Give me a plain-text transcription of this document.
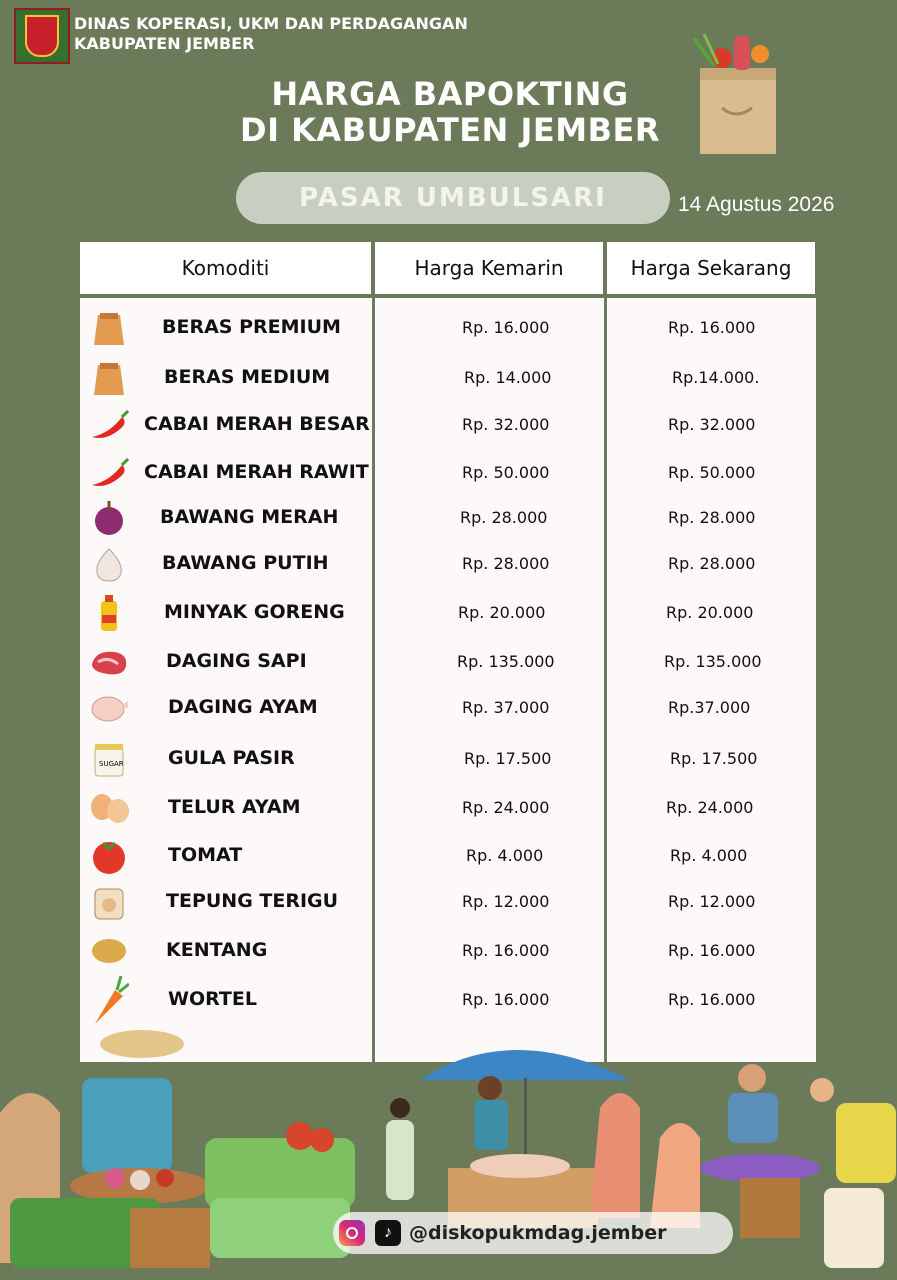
DINAS KOPERASI, UKM DAN PERDAGANGAN
KABUPATEN JEMBER
HARGA BAPOKTING
DI KABUPATEN JEMBER
PASAR UMBULSARI	14 Agustus 2026
Komoditi	Harga Kemarin	Harga Sekarang
BERAS PREMIUM	Rp. 16.000	Rp. 16.000
BERAS MEDIUM	Rp. 14.000	Rp.14.000.
CABAI MERAH BESAR	Rp. 32.000	Rp. 32.000
CABAI MERAH RAWIT	Rp. 50.000	Rp. 50.000
BAWANG MERAH	Rp. 28.000	Rp. 28.000
BAWANG PUTIH	Rp. 28.000	Rp. 28.000
MINYAK GORENG	Rp. 20.000	Rp. 20.000
DAGING SAPI	Rp. 135.000	Rp. 135.000
DAGING AYAM	Rp. 37.000	Rp.37.000
SUGAR GULA PASIR	Rp. 17.500	Rp. 17.500
TELUR AYAM	Rp. 24.000	Rp. 24.000
TOMAT	Rp. 4.000	Rp. 4.000
TEPUNG TERIGU	Rp. 12.000	Rp. 12.000
KENTANG	Rp. 16.000	Rp. 16.000
WORTEL	Rp. 16.000	Rp. 16.000
♪ @diskopukmdag.jember
